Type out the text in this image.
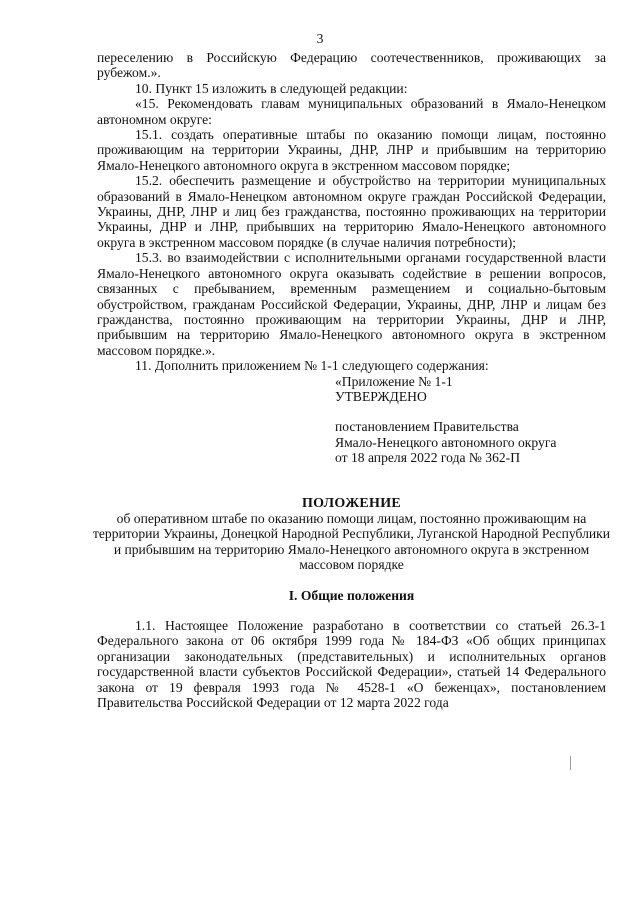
3

переселению в Российскую Федерацию соотечественников, проживающих за рубежом.».

10. Пункт 15 изложить в следующей редакции:

«15. Рекомендовать главам муниципальных образований в Ямало-Ненецком автономном округе:

15.1. создать оперативные штабы по оказанию помощи лицам, постоянно проживающим на территории Украины, ДНР, ЛНР и прибывшим на территорию Ямало-Ненецкого автономного округа в экстренном массовом порядке;

15.2. обеспечить размещение и обустройство на территории муниципальных образований в Ямало-Ненецком автономном округе граждан Российской Федерации, Украины, ДНР, ЛНР и лиц без гражданства, постоянно проживающих на территории Украины, ДНР и ЛНР, прибывших на территорию Ямало-Ненецкого автономного округа в экстренном массовом порядке (в случае наличия потребности);

15.3. во взаимодействии с исполнительными органами государственной власти Ямало-Ненецкого автономного округа оказывать содействие в решении вопросов, связанных с пребыванием, временным размещением и социально-бытовым обустройством, гражданам Российской Федерации, Украины, ДНР, ЛНР и лицам без гражданства, постоянно проживающим на территории Украины, ДНР и ЛНР, прибывшим на территорию Ямало-Ненецкого автономного округа в экстренном массовом порядке.».

11. Дополнить приложением № 1-1 следующего содержания:

«Приложение № 1-1
УТВЕРЖДЕНО
постановлением Правительства
Ямало-Ненецкого автономного округа
от 18 апреля 2022 года № 362-П

ПОЛОЖЕНИЕ

об оперативном штабе по оказанию помощи лицам, постоянно проживающим на территории Украины, Донецкой Народной Республики, Луганской Народной Республики и прибывшим на территорию Ямало-Ненецкого автономного округа в экстренном массовом порядке

I. Общие положения

1.1. Настоящее Положение разработано в соответствии со статьей 26.3-1 Федерального закона от 06 октября 1999 года № 184-ФЗ «Об общих принципах организации законодательных (представительных) и исполнительных органов государственной власти субъектов Российской Федерации», статьей 14 Федерального закона от 19 февраля 1993 года № 4528-1 «О беженцах», постановлением Правительства Российской Федерации от 12 марта 2022 года
